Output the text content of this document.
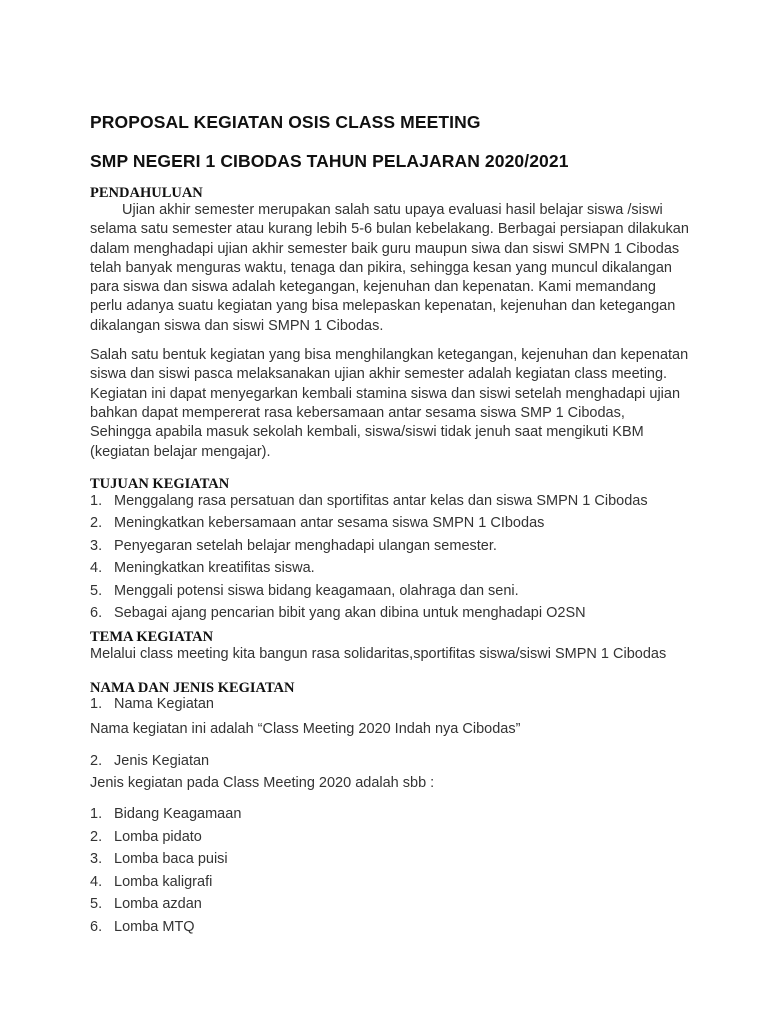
PROPOSAL KEGIATAN OSIS CLASS MEETING
SMP NEGERI 1 CIBODAS TAHUN PELAJARAN 2020/2021
PENDAHULUAN

Ujian akhir semester merupakan salah satu upaya evaluasi hasil belajar siswa /siswi selama satu semester atau kurang lebih 5-6 bulan kebelakang. Berbagai persiapan dilakukan dalam menghadapi ujian akhir semester baik guru maupun siwa dan siswi SMPN 1 Cibodas telah banyak menguras waktu, tenaga dan pikira, sehingga kesan yang muncul dikalangan para siswa dan siswa adalah ketegangan, kejenuhan dan kepenatan. Kami memandang perlu adanya suatu kegiatan yang bisa melepaskan kepenatan, kejenuhan dan ketegangan dikalangan siswa dan siswi SMPN 1 Cibodas.

Salah satu bentuk kegiatan yang bisa menghilangkan ketegangan, kejenuhan dan kepenatan siswa dan siswi pasca melaksanakan ujian akhir semester adalah kegiatan class meeting. Kegiatan ini dapat menyegarkan kembali stamina siswa dan siswi setelah menghadapi ujian bahkan dapat mempererat rasa kebersamaan antar sesama siswa SMP 1 Cibodas, Sehingga apabila masuk sekolah kembali, siswa/siswi tidak jenuh saat mengikuti KBM (kegiatan belajar mengajar).

TUJUAN KEGIATAN
1. Menggalang rasa persatuan dan sportifitas antar kelas dan siswa SMPN 1 Cibodas
2. Meningkatkan kebersamaan antar sesama siswa SMPN 1 CIbodas
3. Penyegaran setelah belajar menghadapi ulangan semester.
4. Meningkatkan kreatifitas siswa.
5. Menggali potensi siswa bidang keagamaan, olahraga dan seni.
6. Sebagai ajang pencarian bibit yang akan dibina untuk menghadapi O2SN
TEMA KEGIATAN

Melalui class meeting kita bangun rasa solidaritas,sportifitas siswa/siswi SMPN 1 Cibodas

NAMA DAN JENIS KEGIATAN
1. Nama Kegiatan

Nama kegiatan ini adalah “Class Meeting 2020 Indah nya Cibodas”

2. Jenis Kegiatan

Jenis kegiatan pada Class Meeting 2020 adalah sbb :

1. Bidang Keagamaan
2. Lomba pidato
3. Lomba baca puisi
4. Lomba kaligrafi
5. Lomba azdan
6. Lomba MTQ
